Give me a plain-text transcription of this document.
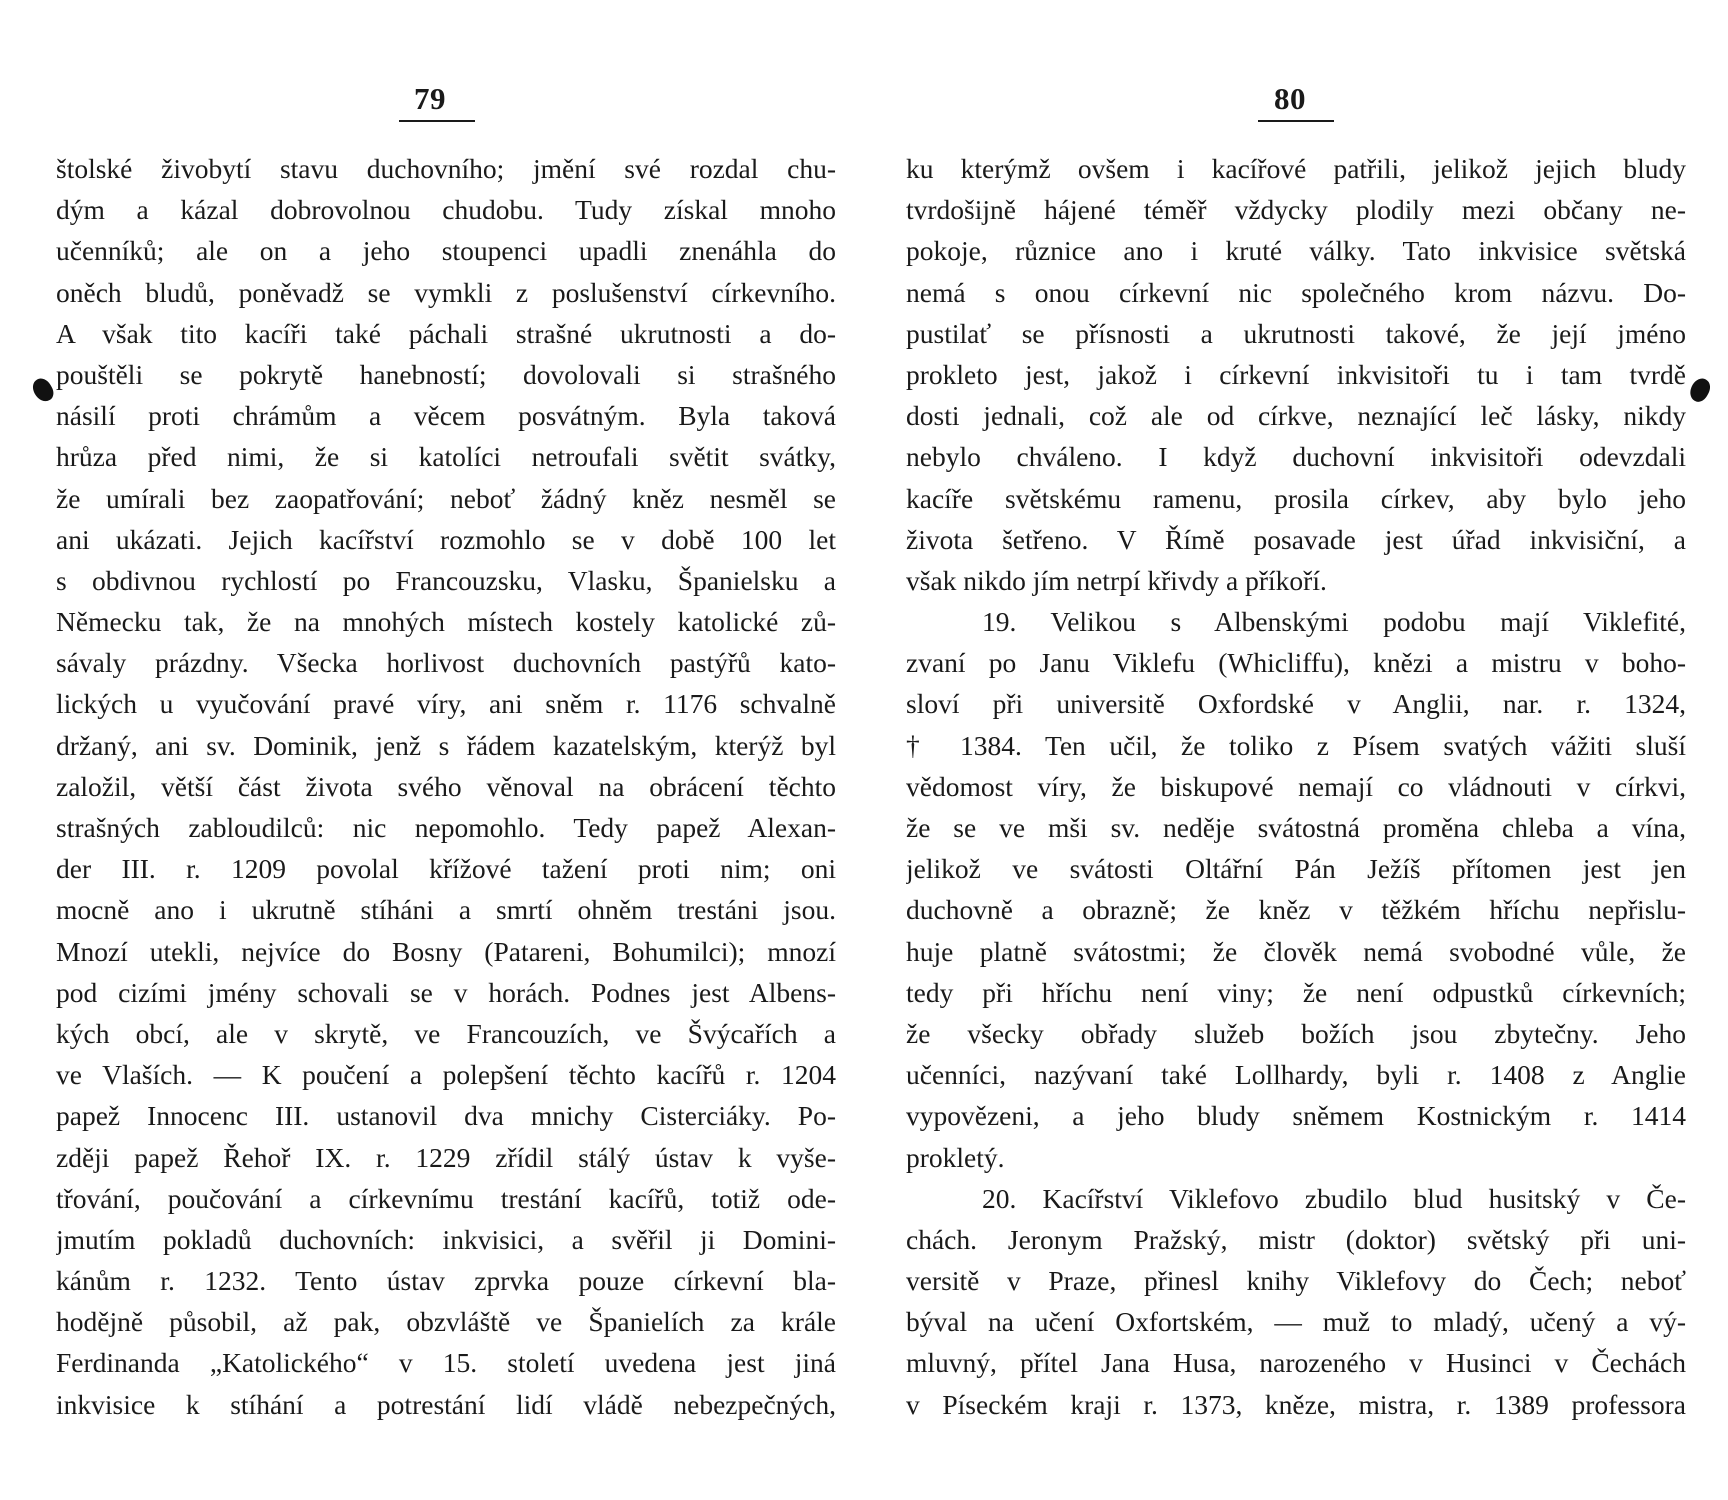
79
štolské živobytí stavu duchovního; jmění své rozdal chu-
dým a kázal dobrovolnou chudobu. Tudy získal mnoho
učenníků; ale on a jeho stoupenci upadli znenáhla do
oněch bludů, poněvadž se vymkli z poslušenství církevního.
A však tito kacíři také páchali strašné ukrutnosti a do-
pouštěli se pokrytě hanebností; dovolovali si strašného
násilí proti chrámům a věcem posvátným. Byla taková
hrůza před nimi, že si katolíci netroufali světit svátky,
že umírali bez zaopatřování; neboť žádný kněz nesměl se
ani ukázati. Jejich kacířství rozmohlo se v době 100 let
s obdivnou rychlostí po Francouzsku, Vlasku, Španielsku a
Německu tak, že na mnohých místech kostely katolické zů-
sávaly prázdny. Všecka horlivost duchovních pastýřů kato-
lických u vyučování pravé víry, ani sněm r. 1176 schvalně
držaný, ani sv. Dominik, jenž s řádem kazatelským, kterýž byl
založil, větší část života svého věnoval na obrácení těchto
strašných zabloudilců: nic nepomohlo. Tedy papež Alexan-
der III. r. 1209 povolal křížové tažení proti nim; oni
mocně ano i ukrutně stíháni a smrtí ohněm trestáni jsou.
Mnozí utekli, nejvíce do Bosny (Patareni, Bohumilci); mnozí
pod cizími jmény schovali se v horách. Podnes jest Albens-
kých obcí, ale v skrytě, ve Francouzích, ve Švýcařích a
ve Vlaších. — K poučení a polepšení těchto kacířů r. 1204
papež Innocenc III. ustanovil dva mnichy Cisterciáky. Po-
zději papež Řehoř IX. r. 1229 zřídil stálý ústav k vyše-
třování, poučování a církevnímu trestání kacířů, totiž ode-
jmutím pokladů duchovních: inkvisici, a svěřil ji Domini-
kánům r. 1232. Tento ústav zprvka pouze církevní bla-
hodějně působil, až pak, obzvláště ve Španielích za krále
Ferdinanda „Katolického“ v 15. století uvedena jest jiná
inkvisice k stíhání a potrestání lidí vládě nebezpečných,
80
ku kterýmž ovšem i kacířové patřili, jelikož jejich bludy
tvrdošijně hájené téměř vždycky plodily mezi občany ne-
pokoje, různice ano i kruté války. Tato inkvisice světská
nemá s onou církevní nic společného krom názvu. Do-
pustilať se přísnosti a ukrutnosti takové, že její jméno
prokleto jest, jakož i církevní inkvisitoři tu i tam tvrdě
dosti jednali, což ale od církve, neznající leč lásky, nikdy
nebylo chváleno. I když duchovní inkvisitoři odevzdali
kacíře světskému ramenu, prosila církev, aby bylo jeho
života šetřeno. V Římě posavade jest úřad inkvisiční, a
však nikdo jím netrpí křivdy a příkoří.
19. Velikou s Albenskými podobu mají Viklefité,
zvaní po Janu Viklefu (Whicliffu), knězi a mistru v boho-
sloví při universitě Oxfordské v Anglii, nar. r. 1324,
† 1384. Ten učil, že toliko z Písem svatých vážiti sluší
vědomost víry, že biskupové nemají co vládnouti v církvi,
že se ve mši sv. neděje svátostná proměna chleba a vína,
jelikož ve svátosti Oltářní Pán Ježíš přítomen jest jen
duchovně a obrazně; že kněz v těžkém hříchu nepřislu-
huje platně svátostmi; že člověk nemá svobodné vůle, že
tedy při hříchu není viny; že není odpustků církevních;
že všecky obřady služeb božích jsou zbytečny. Jeho
učenníci, nazývaní také Lollhardy, byli r. 1408 z Anglie
vypovězeni, a jeho bludy sněmem Kostnickým r. 1414
prokletý.
20. Kacířství Viklefovo zbudilo blud husitský v Če-
chách. Jeronym Pražský, mistr (doktor) světský při uni-
versitě v Praze, přinesl knihy Viklefovy do Čech; neboť
býval na učení Oxfortském, — muž to mladý, učený a vý-
mluvný, přítel Jana Husa, narozeného v Husinci v Čechách
v Píseckém kraji r. 1373, kněze, mistra, r. 1389 professora
